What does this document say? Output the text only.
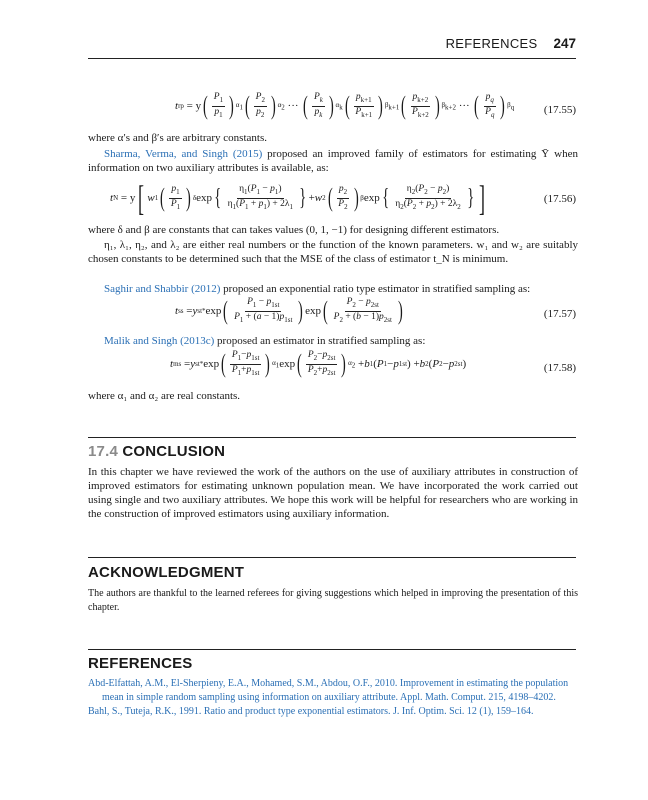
REFERENCES 247
t rp = y ( $\frac{P_1}{p_1}$ ) $\alpha_1$ ( $\frac{P_2}{p_2}$ ) $\alpha_2$ ··· ( $\frac{P_k}{p_k}$ ) $\alpha_k$ ( $\frac{p_{k+1}}{P_{k+1}}$ ) $\beta_{k+1}$ ( $\frac{p_{k+2}}{P_{k+2}}$ ) $\beta_{k+2}$ ··· ( $\frac{p_q}{P_q}$ ) $\beta_q$	(17.55)
where α′s and β′s are arbitrary constants.
Sharma, Verma, and Singh (2015) proposed an improved family of estimators for estimating Ȳ when information on two auxiliary attributes is available, as:
t N = y [ w 1 ( $\frac{p_1}{P_1}$ ) δ exp { $\frac{\eta_1(P_1 - p_1)}{\eta_1(P_1 + p_1) + 2\lambda_1}$ } + w 2 ( $\frac{p_2}{P_2}$ ) β exp { $\frac{\eta_2(P_2 - p_2)}{\eta_2(P_2 + p_2) + 2\lambda_2}$ } ]	(17.56)
where δ and β are constants that can takes values (0, 1, −1) for designing different estimators.
η₁, λ₁, η₂, and λ₂ are either real numbers or the function of the known parameters. w₁ and w₂ are suitably chosen constants to be determined such that the MSE of the class of estimator t_N is minimum.
Saghir and Shabbir (2012) proposed an exponential ratio type estimator in stratified sampling as:
t ss = y st * exp ( $\frac{P_1 - p_{1st}}{P_1 + (a - 1)p_{1st}}$ ) exp ( $\frac{P_2 - p_{2st}}{P_2 + (b - 1)p_{2st}}$ )	(17.57)
Malik and Singh (2013c) proposed an estimator in stratified sampling as:
t ms = y st * exp ( $\frac{P_1-p_{1st}}{P_1+p_{1st}}$ ) $\alpha_1$ exp ( $\frac{P_2-p_{2st}}{P_2+p_{2st}}$ ) $\alpha_2 + b$ 1 ( P 1 − p 1st ) + b 2 ( P 2 − p 2st )	(17.58)
where α₁ and α₂ are real constants.
17.4 CONCLUSION
In this chapter we have reviewed the work of the authors on the use of auxiliary attributes in construction of improved estimators for estimating unknown population mean. We have incorporated the work carried out using single and two auxiliary attributes. We hope this work will be helpful for researchers who are working in the construction of improved estimators using auxiliary information.
ACKNOWLEDGMENT
The authors are thankful to the learned referees for giving suggestions which helped in improving the presentation of this chapter.
REFERENCES
Abd-Elfattah, A.M., El-Sherpieny, E.A., Mohamed, S.M., Abdou, O.F., 2010. Improvement in estimating the population mean in simple random sampling using information on auxiliary attribute. Appl. Math. Comput. 215, 4198–4202.
Bahl, S., Tuteja, R.K., 1991. Ratio and product type exponential estimators. J. Inf. Optim. Sci. 12 (1), 159–164.
